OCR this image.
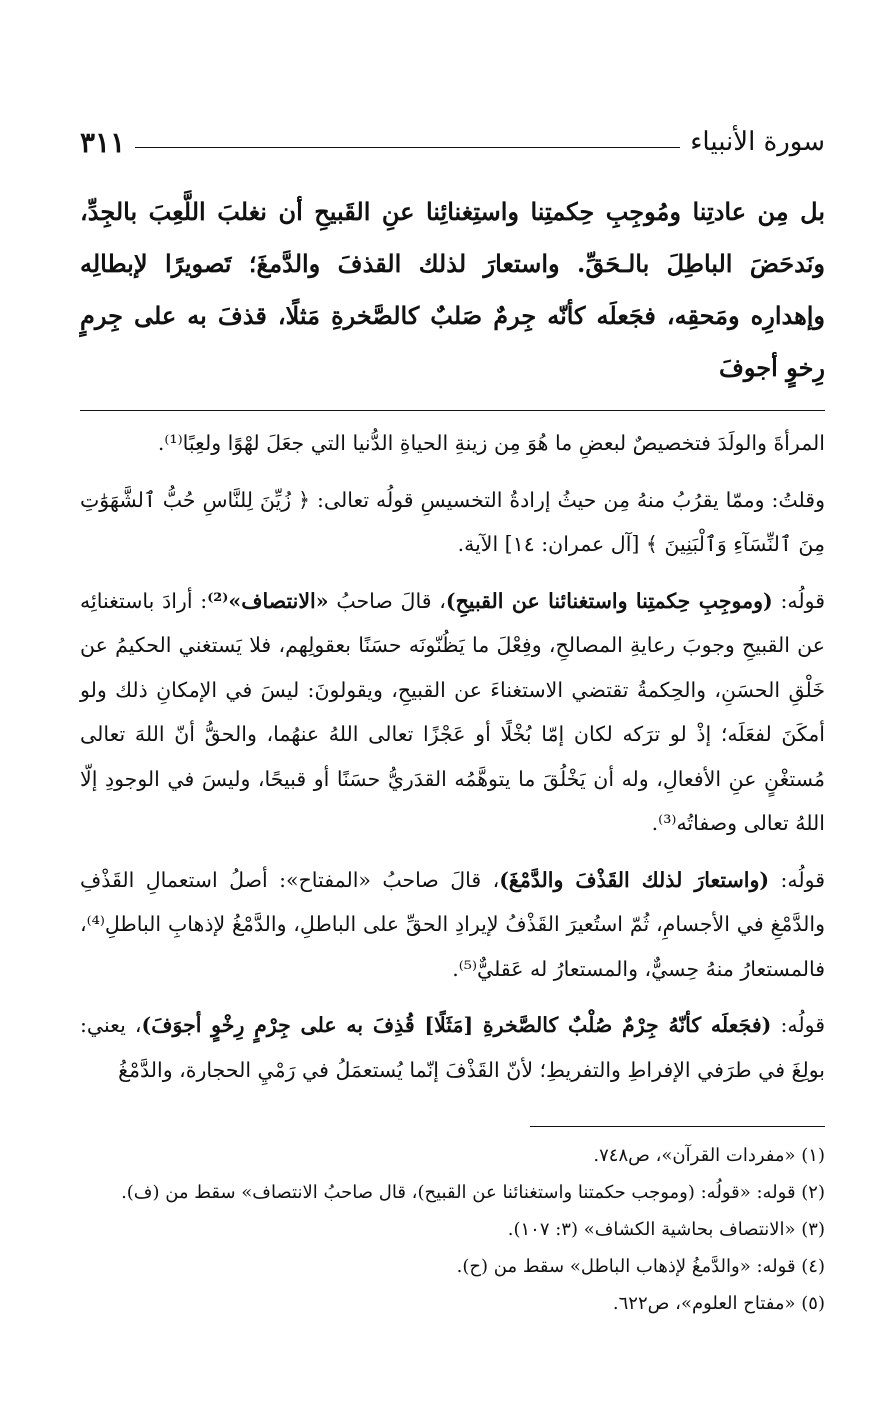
سورة الأنبياء
٣١١
بل مِن عادتِنا ومُوجِبِ حِكمتِنا واستِغنائِنا عنِ القَبيحِ أن نغلبَ اللَّعِبَ بالجِدِّ، ونَدحَضَ الباطِلَ بالـحَقِّ. واستعارَ لذلك القذفَ والدَّمغَ؛ تَصويرًا لإبطالِه وإهدارِه ومَحقِه، فجَعلَه كأنّه جِرمٌ صَلبٌ كالصَّخرةِ مَثلًا، قذفَ به على جِرمٍ رِخوٍ أجوفَ

المرأةَ والولَدَ فتخصيصٌ لبعضِ ما هُوَ مِن زينةِ الحياةِ الدُّنيا التي جعَلَ لهْوًا ولعِبًا⁽¹⁾.

وقلتُ: وممّا يقرُبُ منهُ مِن حيثُ إرادةُ التخسيسِ قولُه تعالى: ﴿ زُيِّنَ لِلنَّاسِ حُبُّ ٱلشَّهَوَٰتِ مِنَ ٱلنِّسَآءِ وَٱلْبَنِينَ ﴾ [آل عمران: ١٤] الآية.

قولُه: (وموجِبِ حِكمتِنا واستغنائنا عن القبيحِ)، قالَ صاحبُ «الانتصاف»⁽²⁾: أرادَ باستغنائِه عن القبيحِ وجوبَ رعايةِ المصالحِ، وفِعْلَ ما يَظُنّونَه حسَنًا بعقولِهم، فلا يَستغني الحكيمُ عن خَلْقِ الحسَنِ، والحِكمةُ تقتضي الاستغناءَ عن القبيحِ، ويقولونَ: ليسَ في الإمكانِ ذلك ولو أمكَنَ لفعَلَه؛ إذْ لو ترَكه لكان إمّا بُخْلًا أو عَجْزًا تعالى اللهُ عنهُما، والحقُّ أنّ اللهَ تعالى مُستغْنٍ عنِ الأفعالِ، وله أن يَخْلُقَ ما يتوهَّمُه القدَريُّ حسَنًا أو قبيحًا، وليسَ في الوجودِ إلّا اللهُ تعالى وصفاتُه⁽³⁾.

قولُه: (واستعارَ لذلك القَذْفَ والدَّمْغَ)، قالَ صاحبُ «المفتاح»: أصلُ استعمالِ القَذْفِ والدَّمْغِ في الأجسامِ، ثُمّ استُعيرَ القَذْفُ لإيرادِ الحقِّ على الباطلِ، والدَّمْغُ لإذهابِ الباطلِ⁽⁴⁾، فالمستعارُ منهُ حِسيٌّ، والمستعارُ له عَقليٌّ⁽⁵⁾.

قولُه: (فجَعلَه كأنّهُ جِرْمٌ صُلْبٌ كالصَّخرةِ [مَثَلًا] قُذِفَ به على جِرْمٍ رِخْوٍ أجوَفَ)، يعني: بولِغَ في طرَفي الإفراطِ والتفريطِ؛ لأنّ القَذْفَ إنّما يُستعمَلُ في رَمْيِ الحجارة، والدَّمْغُ

(١) «مفردات القرآن»، ص٧٤٨.
(٢) قوله: «قولُه: (وموجب حكمتنا واستغنائنا عن القبيح)، قال صاحبُ الانتصاف» سقط من (ف).
(٣) «الانتصاف بحاشية الكشاف» (٣: ١٠٧).
(٤) قوله: «والدَّمغُ لإذهاب الباطل» سقط من (ح).
(٥) «مفتاح العلوم»، ص٦٢٢.
